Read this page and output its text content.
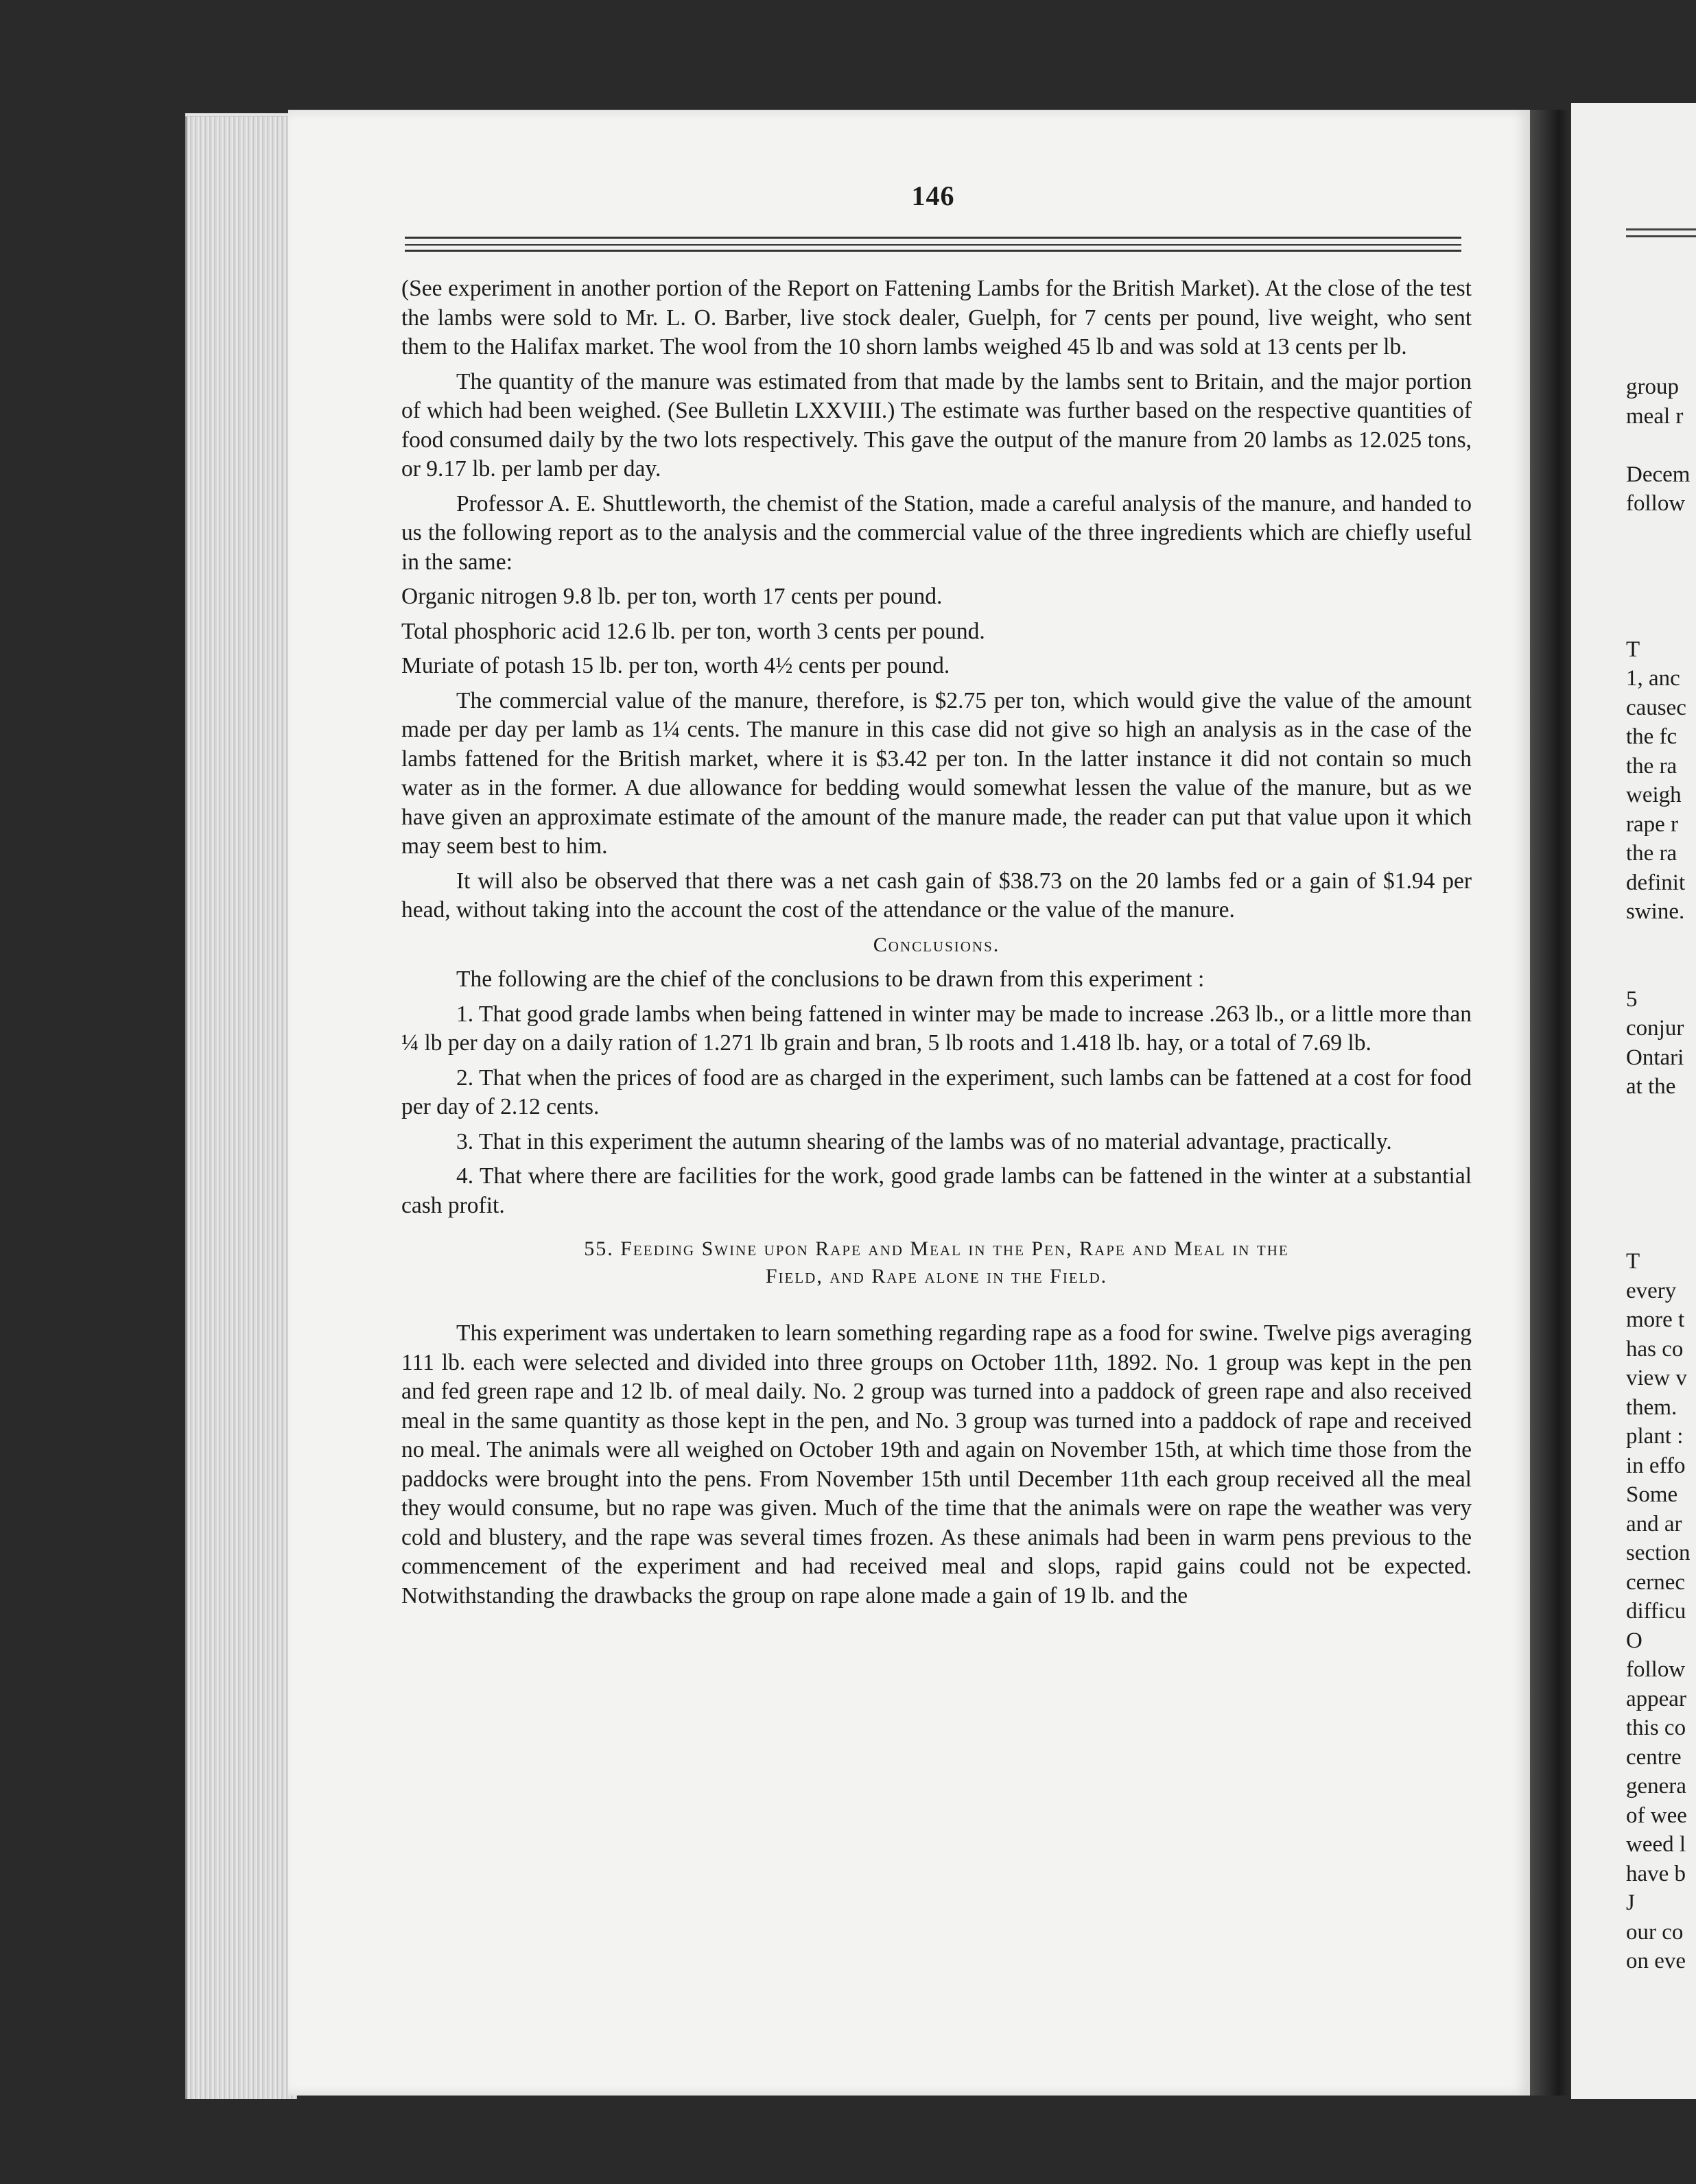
group
meal r
Decem
follow
T
1, anc
causec
the fc
the ra
weigh
rape r
the ra
definit
swine.
5
conjur
Ontari
at the
T
every
more t
has co
view v
them.
plant :
in effo
Some
and ar
section
cernec
difficu
O
follow
appear
this co
centre
genera
of wee
weed l
have b
J
our co
on eve
146

(See experiment in another portion of the Report on Fattening Lambs for the British Market). At the close of the test the lambs were sold to Mr. L. O. Barber, live stock dealer, Guelph, for 7 cents per pound, live weight, who sent them to the Halifax market. The wool from the 10 shorn lambs weighed 45 lb and was sold at 13 cents per lb.

The quantity of the manure was estimated from that made by the lambs sent to Britain, and the major portion of which had been weighed. (See Bulletin LXXVIII.) The estimate was further based on the respective quantities of food consumed daily by the two lots respectively. This gave the output of the manure from 20 lambs as 12.025 tons, or 9.17 lb. per lamb per day.

Professor A. E. Shuttleworth, the chemist of the Station, made a careful analysis of the manure, and handed to us the following report as to the analysis and the commercial value of the three ingredients which are chiefly useful in the same:

Organic nitrogen 9.8 lb. per ton, worth 17 cents per pound.

Total phosphoric acid 12.6 lb. per ton, worth 3 cents per pound.

Muriate of potash 15 lb. per ton, worth 4½ cents per pound.

The commercial value of the manure, therefore, is $2.75 per ton, which would give the value of the amount made per day per lamb as 1¼ cents. The manure in this case did not give so high an analysis as in the case of the lambs fattened for the British market, where it is $3.42 per ton. In the latter instance it did not contain so much water as in the former. A due allowance for bedding would somewhat lessen the value of the manure, but as we have given an approximate estimate of the amount of the manure made, the reader can put that value upon it which may seem best to him.

It will also be observed that there was a net cash gain of $38.73 on the 20 lambs fed or a gain of $1.94 per head, without taking into the account the cost of the attendance or the value of the manure.

Conclusions.

The following are the chief of the conclusions to be drawn from this experiment :

1. That good grade lambs when being fattened in winter may be made to increase .263 lb., or a little more than ¼ lb per day on a daily ration of 1.271 lb grain and bran, 5 lb roots and 1.418 lb. hay, or a total of 7.69 lb.

2. That when the prices of food are as charged in the experiment, such lambs can be fattened at a cost for food per day of 2.12 cents.

3. That in this experiment the autumn shearing of the lambs was of no material advantage, practically.

4. That where there are facilities for the work, good grade lambs can be fattened in the winter at a substantial cash profit.

55. Feeding Swine upon Rape and Meal in the Pen, Rape and Meal in the
Field, and Rape alone in the Field.

This experiment was undertaken to learn something regarding rape as a food for swine. Twelve pigs averaging 111 lb. each were selected and divided into three groups on October 11th, 1892. No. 1 group was kept in the pen and fed green rape and 12 lb. of meal daily. No. 2 group was turned into a paddock of green rape and also received meal in the same quantity as those kept in the pen, and No. 3 group was turned into a paddock of rape and received no meal. The animals were all weighed on October 19th and again on November 15th, at which time those from the paddocks were brought into the pens. From November 15th until December 11th each group received all the meal they would consume, but no rape was given. Much of the time that the animals were on rape the weather was very cold and blustery, and the rape was several times frozen. As these animals had been in warm pens previous to the commencement of the experiment and had received meal and slops, rapid gains could not be expected. Notwithstanding the drawbacks the group on rape alone made a gain of 19 lb. and the
